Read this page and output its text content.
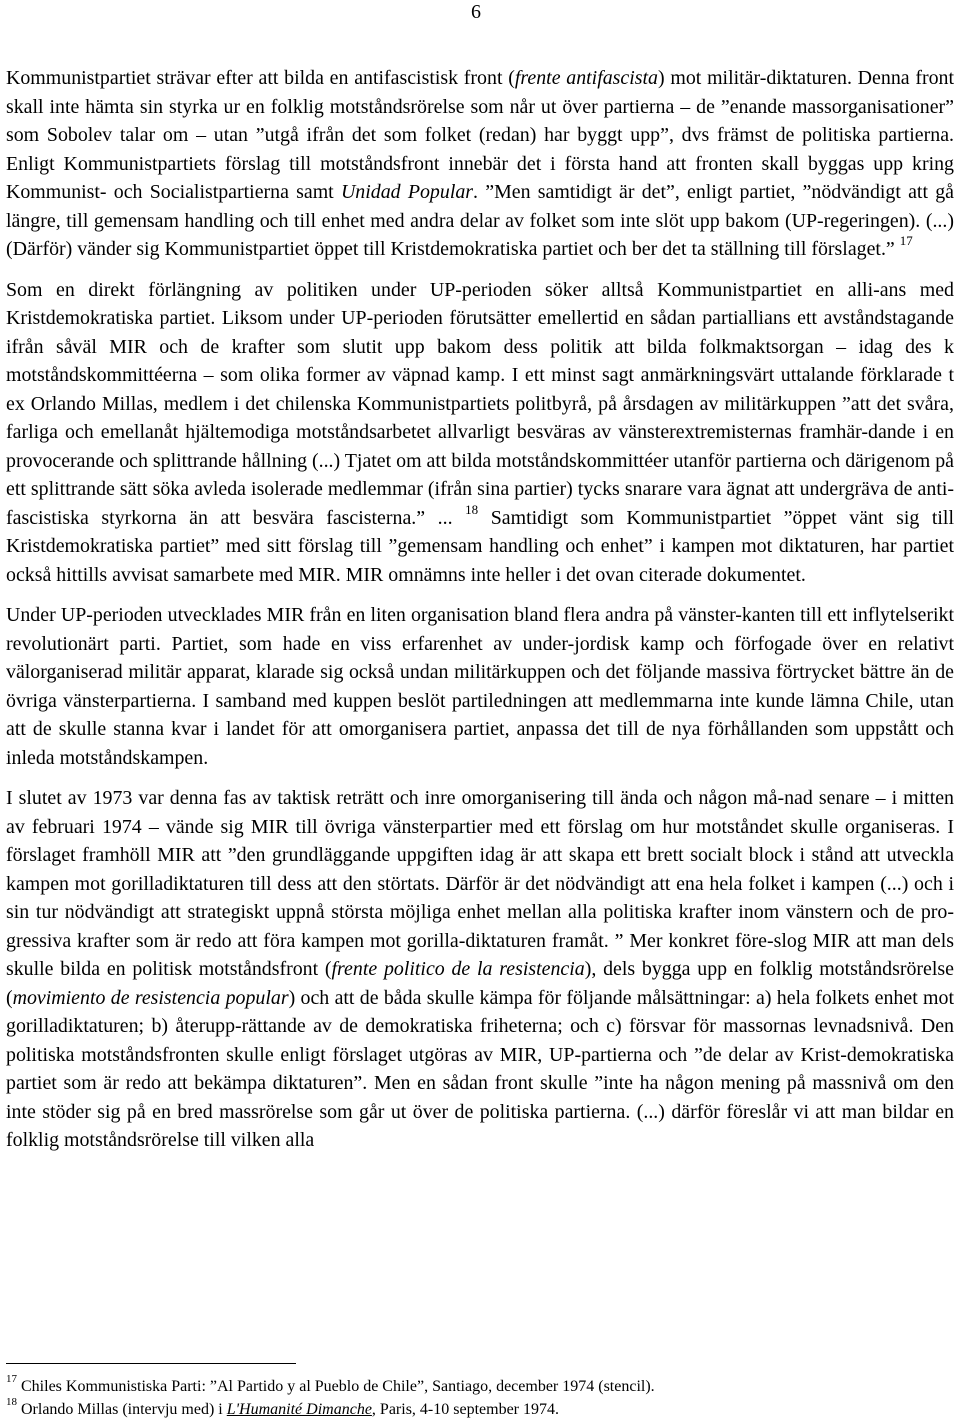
6

Kommunistpartiet strävar efter att bilda en antifascistisk front (frente antifascista) mot militär-diktaturen. Denna front skall inte hämta sin styrka ur en folklig motståndsrörelse som når ut över partierna – de ”enande massorganisationer” som Sobolev talar om – utan ”utgå ifrån det som folket (redan) har byggt upp”, dvs främst de politiska partierna. Enligt Kommunistpartiets förslag till motståndsfront innebär det i första hand att fronten skall byggas upp kring Kommunist- och Socialistpartierna samt Unidad Popular. ”Men samtidigt är det”, enligt partiet, ”nödvändigt att gå längre, till gemensam handling och till enhet med andra delar av folket som inte slöt upp bakom (UP-regeringen). (...) (Därför) vänder sig Kommunistpartiet öppet till Kristdemokratiska partiet och ber det ta ställning till förslaget.” $^{17}$

Som en direkt förlängning av politiken under UP-perioden söker alltså Kommunistpartiet en alli-ans med Kristdemokratiska partiet. Liksom under UP-perioden förutsätter emellertid en sådan partiallians ett avståndstagande ifrån såväl MIR och de krafter som slutit upp bakom dess politik att bilda folkmaktsorgan – idag des k motståndskommittéerna – som olika former av väpnad kamp. I ett minst sagt anmärkningsvärt uttalande förklarade t ex Orlando Millas, medlem i det chilenska Kommunistpartiets politbyrå, på årsdagen av militärkuppen ”att det svåra, farliga och emellanåt hjältemodiga motståndsarbetet allvarligt besväras av vänsterextremisternas framhär-dande i en provocerande och splittrande hållning (...) Tjatet om att bilda motståndskommittéer utanför partierna och därigenom på ett splittrande sätt söka avleda isolerade medlemmar (ifrån sina partier) tycks snarare vara ägnat att undergräva de anti-fascistiska styrkorna än att besvära fascisterna.” ... $^{18}$ Samtidigt som Kommunistpartiet ”öppet vänt sig till Kristdemokratiska partiet” med sitt förslag till ”gemensam handling och enhet” i kampen mot diktaturen, har partiet också hittills avvisat samarbete med MIR. MIR omnämns inte heller i det ovan citerade dokumentet.

Under UP-perioden utvecklades MIR från en liten organisation bland flera andra på vänster-kanten till ett inflytelserikt revolutionärt parti. Partiet, som hade en viss erfarenhet av under-jordisk kamp och förfogade över en relativt välorganiserad militär apparat, klarade sig också undan militärkuppen och det följande massiva förtrycket bättre än de övriga vänsterpartierna. I samband med kuppen beslöt partiledningen att medlemmarna inte kunde lämna Chile, utan att de skulle stanna kvar i landet för att omorganisera partiet, anpassa det till de nya förhållanden som uppstått och inleda motståndskampen.

I slutet av 1973 var denna fas av taktisk reträtt och inre omorganisering till ända och någon må-nad senare – i mitten av februari 1974 – vände sig MIR till övriga vänsterpartier med ett förslag om hur motståndet skulle organiseras. I förslaget framhöll MIR att ”den grundläggande uppgiften idag är att skapa ett brett socialt block i stånd att utveckla kampen mot gorilladiktaturen till dess att den störtats. Därför är det nödvändigt att ena hela folket i kampen (...) och i sin tur nödvändigt att strategiskt uppnå största möjliga enhet mellan alla politiska krafter inom vänstern och de pro-gressiva krafter som är redo att föra kampen mot gorilla-diktaturen framåt. ” Mer konkret före-slog MIR att man dels skulle bilda en politisk motståndsfront (frente politico de la resistencia), dels bygga upp en folklig motståndsrörelse (movimiento de resistencia popular) och att de båda skulle kämpa för följande målsättningar: a) hela folkets enhet mot gorilladiktaturen; b) återupp-rättande av de demokratiska friheterna; och c) försvar för massornas levnadsnivå. Den politiska motståndsfronten skulle enligt förslaget utgöras av MIR, UP-partierna och ”de delar av Krist-demokratiska partiet som är redo att bekämpa diktaturen”. Men en sådan front skulle ”inte ha någon mening på massnivå om den inte stöder sig på en bred massrörelse som går ut över de politiska partierna. (...) därför föreslår vi att man bildar en folklig motståndsrörelse till vilken alla

$^{17}$ Chiles Kommunistiska Parti: ”Al Partido y al Pueblo de Chile”, Santiago, december 1974 (stencil).

$^{18}$ Orlando Millas (intervju med) i L'Humanité Dimanche, Paris, 4-10 september 1974.
